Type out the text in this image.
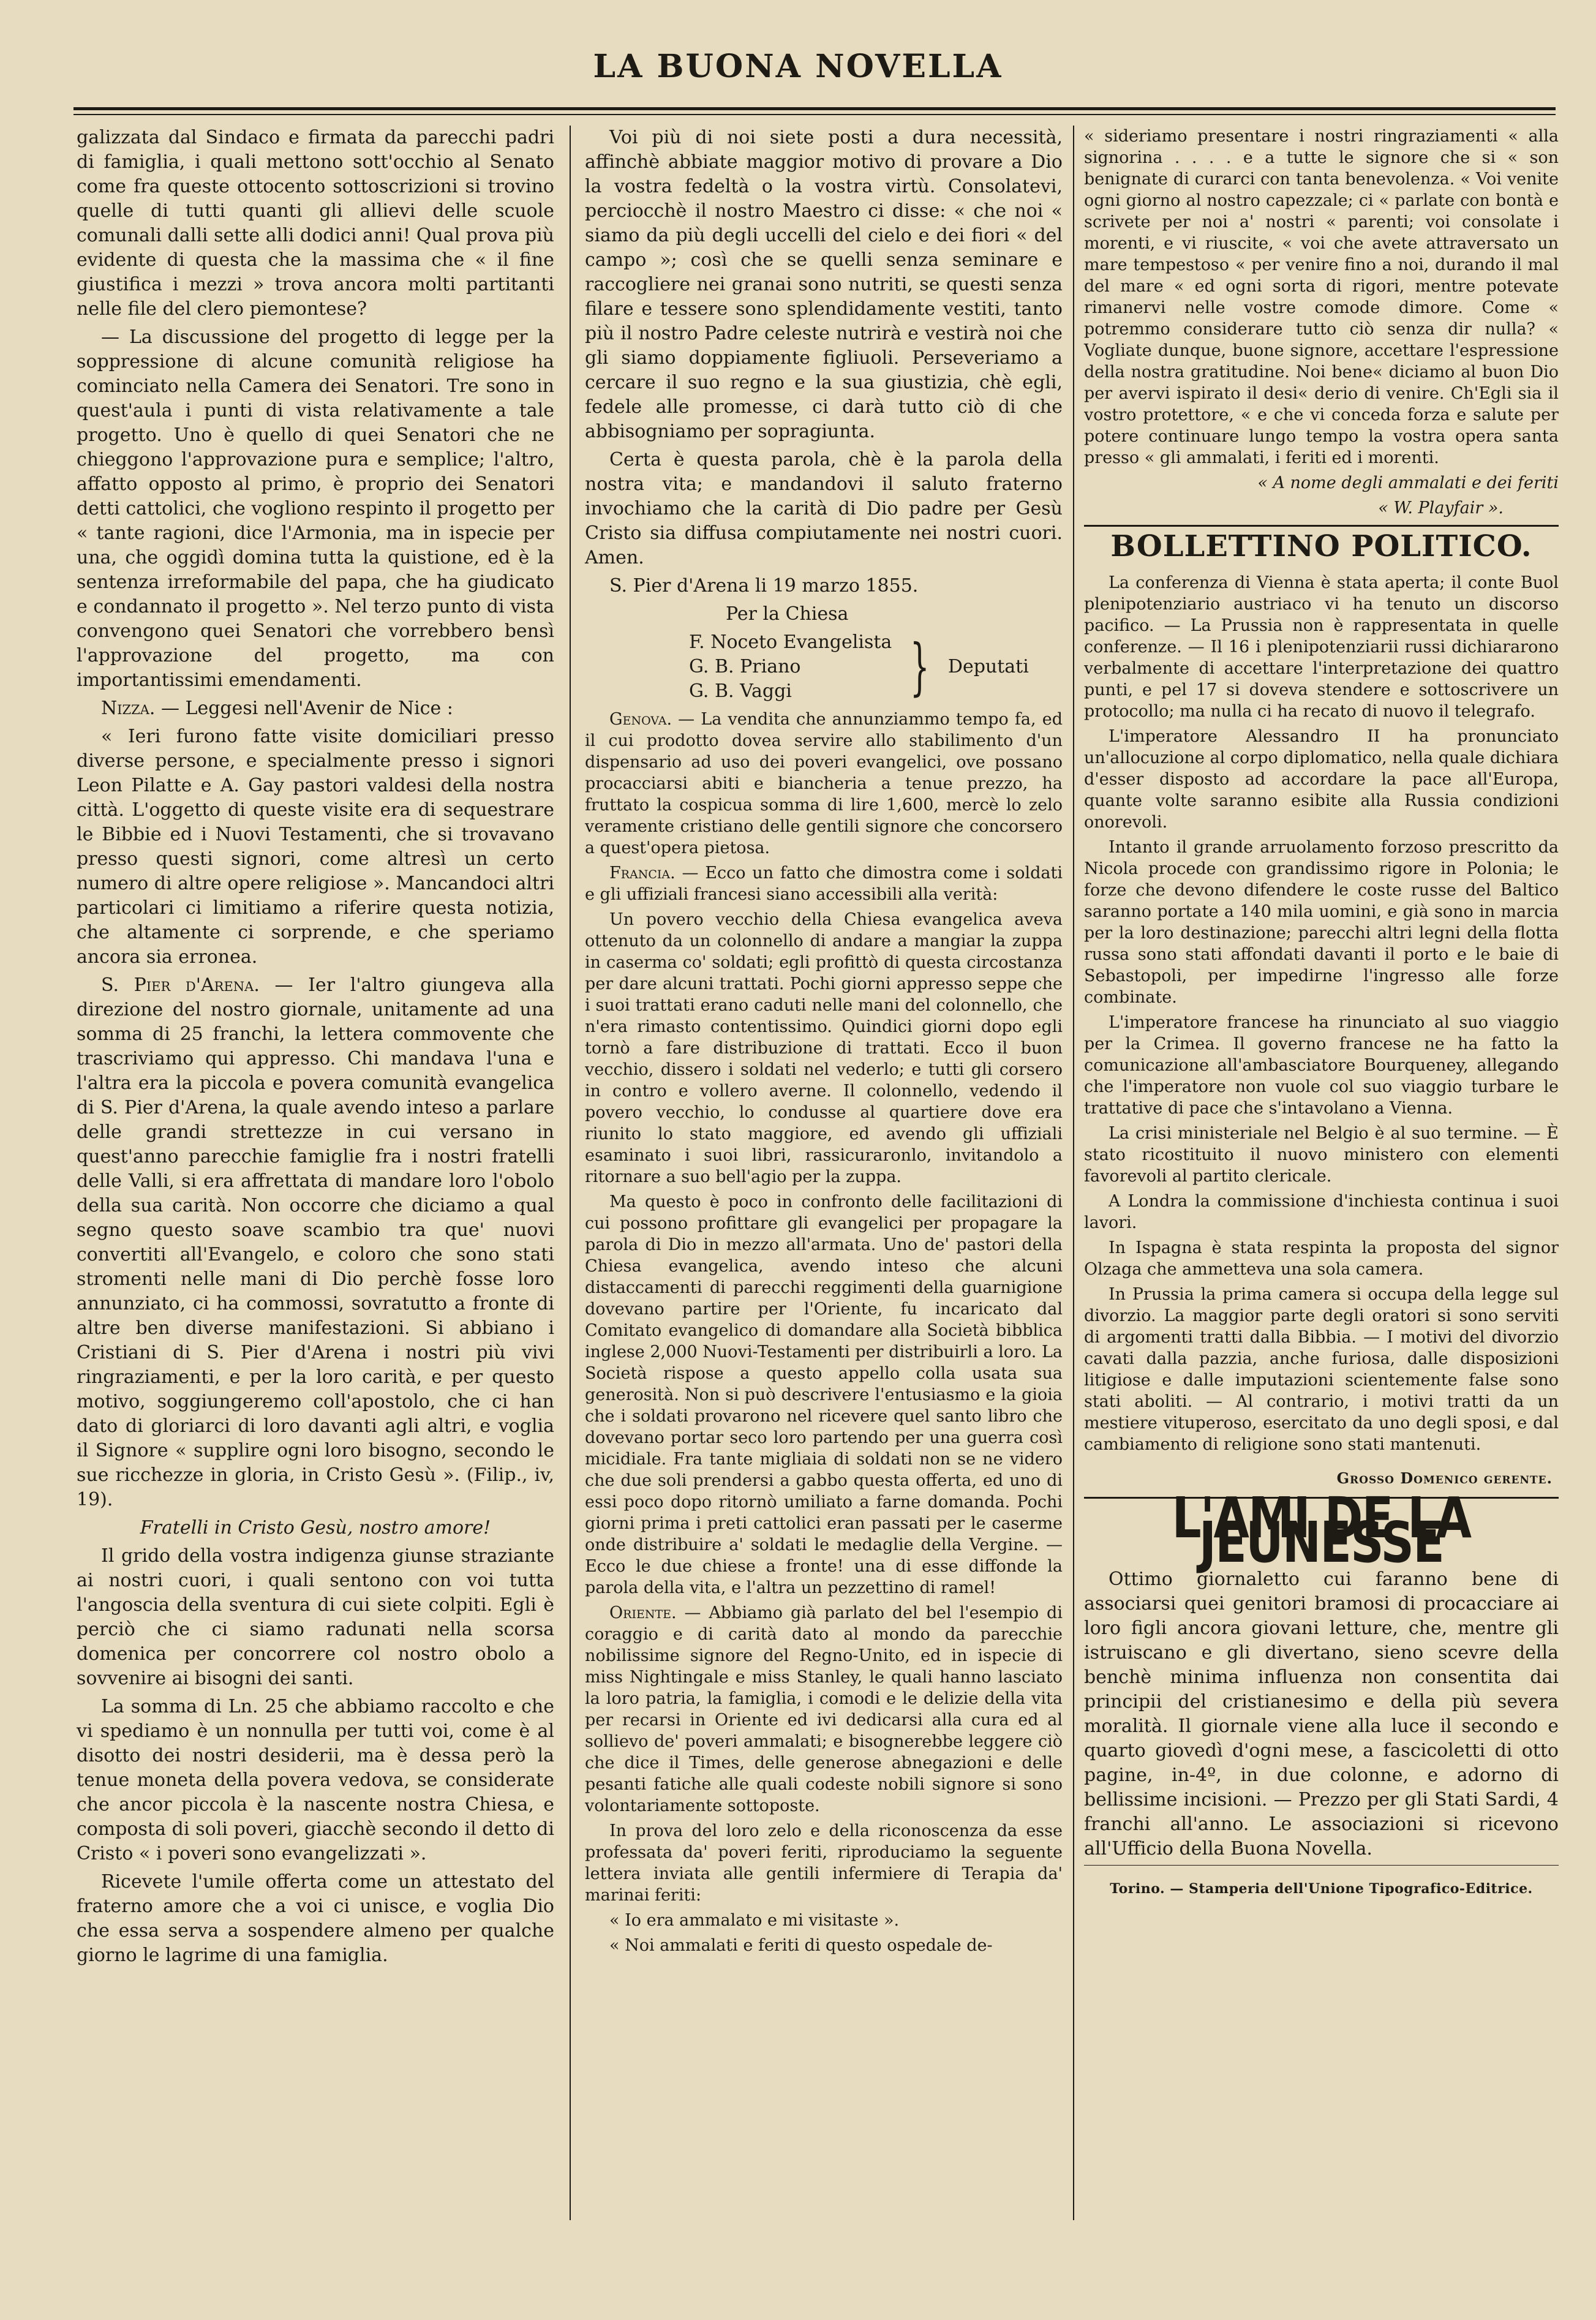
LA BUONA NOVELLA

galizzata dal Sindaco e firmata da parecchi padri di famiglia, i quali mettono sott'occhio al Senato come fra queste ottocento sottoscrizioni si trovino quelle di tutti quanti gli allievi delle scuole comunali dalli sette alli dodici anni! Qual prova più evidente di questa che la massima che « il fine giustifica i mezzi » trova ancora molti partitanti nelle file del clero piemontese?

— La discussione del progetto di legge per la soppressione di alcune comunità religiose ha cominciato nella Camera dei Senatori. Tre sono in quest'aula i punti di vista relativamente a tale progetto. Uno è quello di quei Senatori che ne chieggono l'approvazione pura e semplice; l'altro, affatto opposto al primo, è proprio dei Senatori detti cattolici, che vogliono respinto il progetto per « tante ragioni, dice l'Armonia, ma in ispecie per una, che oggidì domina tutta la quistione, ed è la sentenza irreformabile del papa, che ha giudicato e condannato il progetto ». Nel terzo punto di vista convengono quei Senatori che vorrebbero bensì l'approvazione del progetto, ma con importantissimi emendamenti.

Nizza. — Leggesi nell'Avenir de Nice :

« Ieri furono fatte visite domiciliari presso diverse persone, e specialmente presso i signori Leon Pilatte e A. Gay pastori valdesi della nostra città. L'oggetto di queste visite era di sequestrare le Bibbie ed i Nuovi Testamenti, che si trovavano presso questi signori, come altresì un certo numero di altre opere religiose ». Mancandoci altri particolari ci limitiamo a riferire questa notizia, che altamente ci sorprende, e che speriamo ancora sia erronea.

S. Pier d'Arena. — Ier l'altro giungeva alla direzione del nostro giornale, unitamente ad una somma di 25 franchi, la lettera commovente che trascriviamo qui appresso. Chi mandava l'una e l'altra era la piccola e povera comunità evangelica di S. Pier d'Arena, la quale avendo inteso a parlare delle grandi strettezze in cui versano in quest'anno parecchie famiglie fra i nostri fratelli delle Valli, si era affrettata di mandare loro l'obolo della sua carità. Non occorre che diciamo a qual segno questo soave scambio tra que' nuovi convertiti all'Evangelo, e coloro che sono stati stromenti nelle mani di Dio perchè fosse loro annunziato, ci ha commossi, sovratutto a fronte di altre ben diverse manifestazioni. Si abbiano i Cristiani di S. Pier d'Arena i nostri più vivi ringraziamenti, e per la loro carità, e per questo motivo, soggiungeremo coll'apostolo, che ci han dato di gloriarci di loro davanti agli altri, e voglia il Signore « supplire ogni loro bisogno, secondo le sue ricchezze in gloria, in Cristo Gesù ». (Filip., iv, 19).

Fratelli in Cristo Gesù, nostro amore!

Il grido della vostra indigenza giunse straziante ai nostri cuori, i quali sentono con voi tutta l'angoscia della sventura di cui siete colpiti. Egli è perciò che ci siamo radunati nella scorsa domenica per concorrere col nostro obolo a sovvenire ai bisogni dei santi.

La somma di Ln. 25 che abbiamo raccolto e che vi spediamo è un nonnulla per tutti voi, come è al disotto dei nostri desiderii, ma è dessa però la tenue moneta della povera vedova, se considerate che ancor piccola è la nascente nostra Chiesa, e composta di soli poveri, giacchè secondo il detto di Cristo « i poveri sono evangelizzati ».

Ricevete l'umile offerta come un attestato del fraterno amore che a voi ci unisce, e voglia Dio che essa serva a sospendere almeno per qualche giorno le lagrime di una famiglia.

Voi più di noi siete posti a dura necessità, affinchè abbiate maggior motivo di provare a Dio la vostra fedeltà o la vostra virtù. Consolatevi, perciocchè il nostro Maestro ci disse: « che noi « siamo da più degli uccelli del cielo e dei fiori « del campo »; così che se quelli senza seminare e raccogliere nei granai sono nutriti, se questi senza filare e tessere sono splendidamente vestiti, tanto più il nostro Padre celeste nutrirà e vestirà noi che gli siamo doppiamente figliuoli. Perseveriamo a cercare il suo regno e la sua giustizia, chè egli, fedele alle promesse, ci darà tutto ciò di che abbisogniamo per sopragiunta.

Certa è questa parola, chè è la parola della nostra vita; e mandandovi il saluto fraterno invochiamo che la carità di Dio padre per Gesù Cristo sia diffusa compiutamente nei nostri cuori. Amen.

S. Pier d'Arena li 19 marzo 1855.

Per la Chiesa

F. Noceto Evangelista
G. B. Priano
G. B. Vaggi	} Deputati

Genova. — La vendita che annunziammo tempo fa, ed il cui prodotto dovea servire allo stabilimento d'un dispensario ad uso dei poveri evangelici, ove possano procacciarsi abiti e biancheria a tenue prezzo, ha fruttato la cospicua somma di lire 1,600, mercè lo zelo veramente cristiano delle gentili signore che concorsero a quest'opera pietosa.

Francia. — Ecco un fatto che dimostra come i soldati e gli uffiziali francesi siano accessibili alla verità:

Un povero vecchio della Chiesa evangelica aveva ottenuto da un colonnello di andare a mangiar la zuppa in caserma co' soldati; egli profittò di questa circostanza per dare alcuni trattati. Pochi giorni appresso seppe che i suoi trattati erano caduti nelle mani del colonnello, che n'era rimasto contentissimo. Quindici giorni dopo egli tornò a fare distribuzione di trattati. Ecco il buon vecchio, dissero i soldati nel vederlo; e tutti gli corsero in contro e vollero averne. Il colonnello, vedendo il povero vecchio, lo condusse al quartiere dove era riunito lo stato maggiore, ed avendo gli uffiziali esaminato i suoi libri, rassicuraronlo, invitandolo a ritornare a suo bell'agio per la zuppa.

Ma questo è poco in confronto delle facilitazioni di cui possono profittare gli evangelici per propagare la parola di Dio in mezzo all'armata. Uno de' pastori della Chiesa evangelica, avendo inteso che alcuni distaccamenti di parecchi reggimenti della guarnigione dovevano partire per l'Oriente, fu incaricato dal Comitato evangelico di domandare alla Società bibblica inglese 2,000 Nuovi-Testamenti per distribuirli a loro. La Società rispose a questo appello colla usata sua generosità. Non si può descrivere l'entusiasmo e la gioia che i soldati provarono nel ricevere quel santo libro che dovevano portar seco loro partendo per una guerra così micidiale. Fra tante migliaia di soldati non se ne videro che due soli prendersi a gabbo questa offerta, ed uno di essi poco dopo ritornò umiliato a farne domanda. Pochi giorni prima i preti cattolici eran passati per le caserme onde distribuire a' soldati le medaglie della Vergine. — Ecco le due chiese a fronte! una di esse diffonde la parola della vita, e l'altra un pezzettino di ramel!

Oriente. — Abbiamo già parlato del bel l'esempio di coraggio e di carità dato al mondo da parecchie nobilissime signore del Regno-Unito, ed in ispecie di miss Nightingale e miss Stanley, le quali hanno lasciato la loro patria, la famiglia, i comodi e le delizie della vita per recarsi in Oriente ed ivi dedicarsi alla cura ed al sollievo de' poveri ammalati; e bisognerebbe leggere ciò che dice il Times, delle generose abnegazioni e delle pesanti fatiche alle quali codeste nobili signore si sono volontariamente sottoposte.

In prova del loro zelo e della riconoscenza da esse professata da' poveri feriti, riproduciamo la seguente lettera inviata alle gentili infermiere di Terapia da' marinai feriti:

« Io era ammalato e mi visitaste ».

« Noi ammalati e feriti di questo ospedale de-

« sideriamo presentare i nostri ringraziamenti « alla signorina . . . . e a tutte le signore che si « son benignate di curarci con tanta benevolenza. « Voi venite ogni giorno al nostro capezzale; ci « parlate con bontà e scrivete per noi a' nostri « parenti; voi consolate i morenti, e vi riuscite, « voi che avete attraversato un mare tempestoso « per venire fino a noi, durando il mal del mare « ed ogni sorta di rigori, mentre potevate rimanervi nelle vostre comode dimore. Come « potremmo considerare tutto ciò senza dir nulla? « Vogliate dunque, buone signore, accettare l'espressione della nostra gratitudine. Noi bene« diciamo al buon Dio per avervi ispirato il desi« derio di venire. Ch'Egli sia il vostro protettore, « e che vi conceda forza e salute per potere continuare lungo tempo la vostra opera santa presso « gli ammalati, i feriti ed i morenti.

« A nome degli ammalati e dei feriti

« W. Playfair ».

BOLLETTINO POLITICO.

La conferenza di Vienna è stata aperta; il conte Buol plenipotenziario austriaco vi ha tenuto un discorso pacifico. — La Prussia non è rappresentata in quelle conferenze. — Il 16 i plenipotenziarii russi dichiararono verbalmente di accettare l'interpretazione dei quattro punti, e pel 17 si doveva stendere e sottoscrivere un protocollo; ma nulla ci ha recato di nuovo il telegrafo.

L'imperatore Alessandro II ha pronunciato un'allocuzione al corpo diplomatico, nella quale dichiara d'esser disposto ad accordare la pace all'Europa, quante volte saranno esibite alla Russia condizioni onorevoli.

Intanto il grande arruolamento forzoso prescritto da Nicola procede con grandissimo rigore in Polonia; le forze che devono difendere le coste russe del Baltico saranno portate a 140 mila uomini, e già sono in marcia per la loro destinazione; parecchi altri legni della flotta russa sono stati affondati davanti il porto e le baie di Sebastopoli, per impedirne l'ingresso alle forze combinate.

L'imperatore francese ha rinunciato al suo viaggio per la Crimea. Il governo francese ne ha fatto la comunicazione all'ambasciatore Bourqueney, allegando che l'imperatore non vuole col suo viaggio turbare le trattative di pace che s'intavolano a Vienna.

La crisi ministeriale nel Belgio è al suo termine. — È stato ricostituito il nuovo ministero con elementi favorevoli al partito clericale.

A Londra la commissione d'inchiesta continua i suoi lavori.

In Ispagna è stata respinta la proposta del signor Olzaga che ammetteva una sola camera.

In Prussia la prima camera si occupa della legge sul divorzio. La maggior parte degli oratori si sono serviti di argomenti tratti dalla Bibbia. — I motivi del divorzio cavati dalla pazzia, anche furiosa, dalle disposizioni litigiose e dalle imputazioni scientemente false sono stati aboliti. — Al contrario, i motivi tratti da un mestiere vituperoso, esercitato da uno degli sposi, e dal cambiamento di religione sono stati mantenuti.

Grosso Domenico gerente.
L'AMI DE LA JEUNESSE

Ottimo giornaletto cui faranno bene di associarsi quei genitori bramosi di procacciare ai loro figli ancora giovani letture, che, mentre gli istruiscano e gli divertano, sieno scevre della benchè minima influenza non consentita dai principii del cristianesimo e della più severa moralità. Il giornale viene alla luce il secondo e quarto giovedì d'ogni mese, a fascicoletti di otto pagine, in-4º, in due colonne, e adorno di bellissime incisioni. — Prezzo per gli Stati Sardi, 4 franchi all'anno. Le associazioni si ricevono all'Ufficio della Buona Novella.

Torino. — Stamperia dell'Unione Tipografico-Editrice.
